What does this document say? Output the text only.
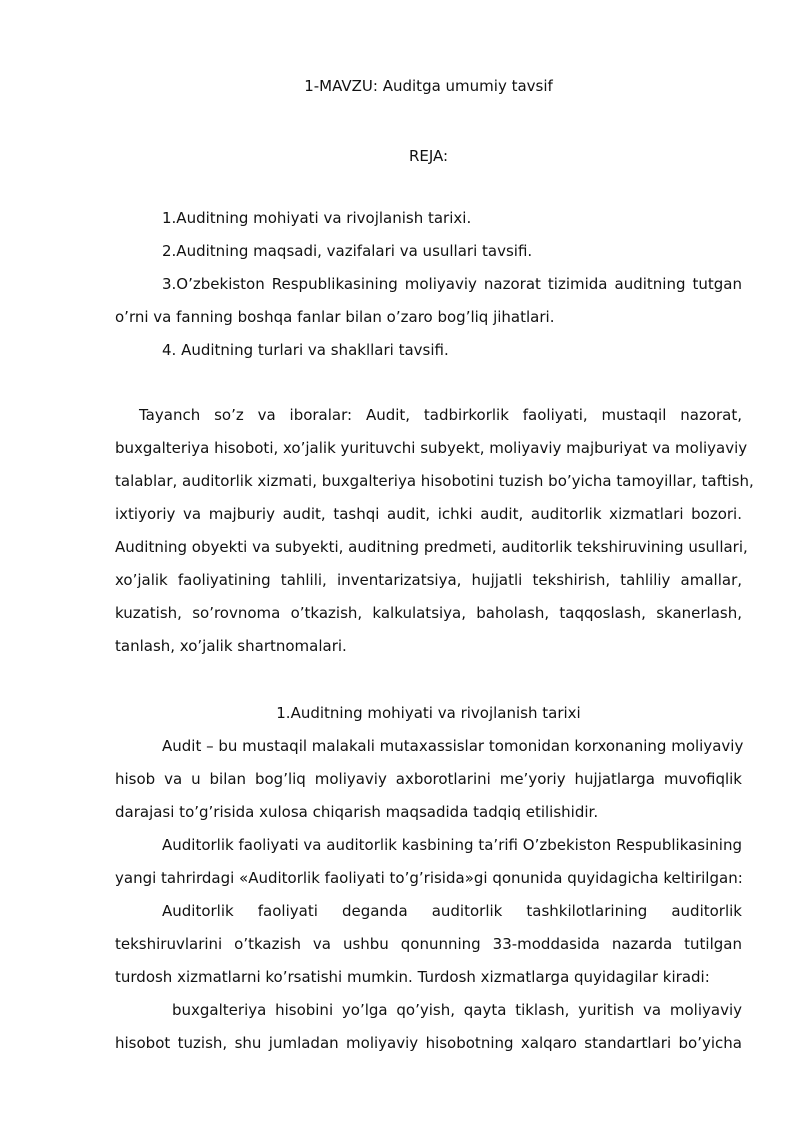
1-MAVZU: Auditga umumiy tavsif
REJA:
1.Auditning mohiyati va rivojlanish tarixi.
2.Auditning maqsadi, vazifalari va usullari tavsifi.
3.O’zbekiston Respublikasining moliyaviy nazorat tizimida auditning tutgan
o’rni va fanning boshqa fanlar bilan o’zaro bog’liq jihatlari.
4. Auditning turlari va shakllari tavsifi.
Tayanch so’z va iboralar: Audit, tadbirkorlik faoliyati, mustaqil nazorat,
buxgalteriya hisoboti, xo’jalik yurituvchi subyekt, moliyaviy majburiyat va moliyaviy
talablar, auditorlik xizmati, buxgalteriya hisobotini tuzish bo’yicha tamoyillar, taftish,
ixtiyoriy va majburiy audit, tashqi audit, ichki audit, auditorlik xizmatlari bozori.
Auditning obyekti va subyekti, auditning predmeti, auditorlik tekshiruvining usullari,
xo’jalik faoliyatining tahlili, inventarizatsiya, hujjatli tekshirish, tahliliy amallar,
kuzatish, so’rovnoma o’tkazish, kalkulatsiya, baholash, taqqoslash, skanerlash,
tanlash, xo’jalik shartnomalari.
1.Auditning mohiyati va rivojlanish tarixi
Audit – bu mustaqil malakali mutaxassislar tomonidan korxonaning moliyaviy
hisob va u bilan bog’liq moliyaviy axborotlarini me’yoriy hujjatlarga muvofiqlik
darajasi to’g’risida xulosa chiqarish maqsadida tadqiq etilishidir.
Auditorlik faoliyati va auditorlik kasbining ta’rifi O’zbekiston Respublikasining
yangi tahrirdagi «Auditorlik faoliyati to’g’risida»gi qonunida quyidagicha keltirilgan:
Auditorlik faoliyati deganda auditorlik tashkilotlarining auditorlik
tekshiruvlarini o’tkazish va ushbu qonunning 33-moddasida nazarda tutilgan
turdosh xizmatlarni ko’rsatishi mumkin. Turdosh xizmatlarga quyidagilar kiradi:
buxgalteriya hisobini yo’lga qo’yish, qayta tiklash, yuritish va moliyaviy
hisobot tuzish, shu jumladan moliyaviy hisobotning xalqaro standartlari bo’yicha
